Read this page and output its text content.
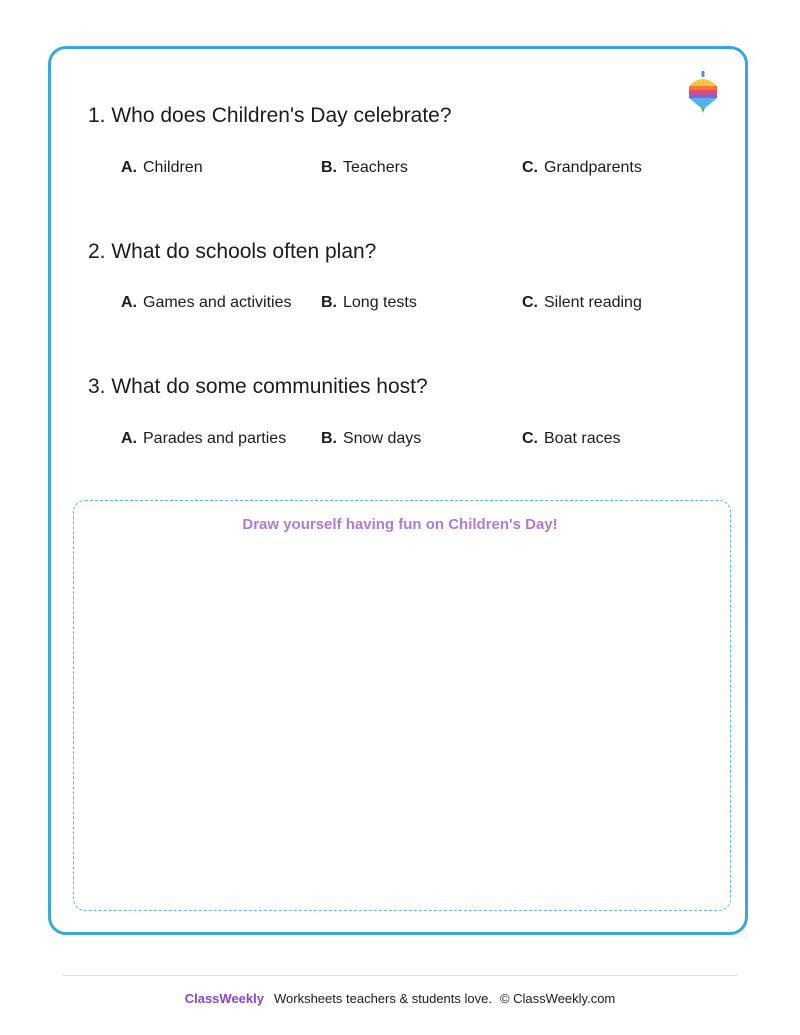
1. Who does Children's Day celebrate?
A. Children	B. Teachers	C. Grandparents
2. What do schools often plan?
A. Games and activities B. Long tests	C. Silent reading
3. What do some communities host?
A. Parades and parties B. Snow days	C. Boat races
Draw yourself having fun on Children's Day!
ClassWeekly Worksheets teachers & students love. © ClassWeekly.com
